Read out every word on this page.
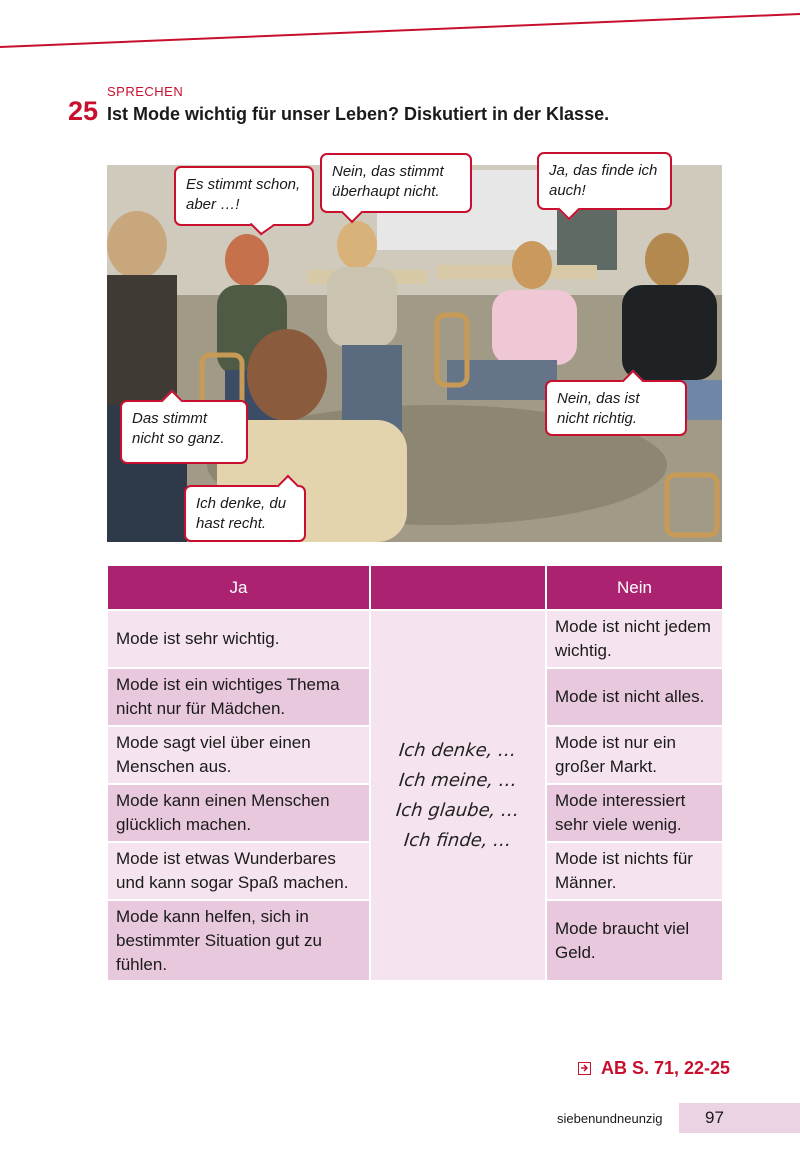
SPRECHEN
25 Ist Mode wichtig für unser Leben? Diskutiert in der Klasse.
Es stimmt schon, aber …!
Nein, das stimmt überhaupt nicht.
Ja, das finde ich auch!
Nein, das ist nicht richtig.
Das stimmt nicht so ganz.
Ich denke, du hast recht.
Ja	Nein
Mode ist sehr wichtig.
Mode ist ein wichtiges Thema nicht nur für Mädchen.
Mode sagt viel über einen Menschen aus.
Mode kann einen Menschen glücklich machen.
Mode ist etwas Wunderbares und kann sogar Spaß machen.
Mode kann helfen, sich in bestimmter Situation gut zu fühlen.
Ich denke, …
Ich meine, …
Ich glaube, …
Ich finde, …
Mode ist nicht jedem wichtig.
Mode ist nicht alles.
Mode ist nur ein großer Markt.
Mode interessiert sehr viele wenig.
Mode ist nichts für Männer.
Mode braucht viel Geld.
AB S. 71, 22-25
siebenundneunzig 97
